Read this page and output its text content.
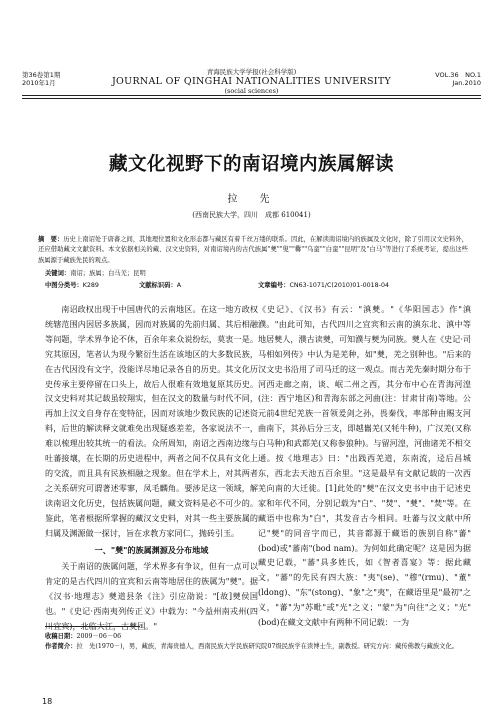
第36卷第1期
2010年1月
青海民族大学学报(社会科学版)
JOURNAL OF QINGHAI NATIONALITIES UNIVERSITY
(social sciences)
VOL.36　NO.1
Jan.2010
藏文化视野下的南诏境内族属解读
拉　先
(西南民族大学，四川　成都 610041)
摘　要：历史上南诏处于唐蕃之间，其地理位置和文化形态都与藏区有着千丝万缕的联系。因此，在解读南诏境内的族属及文化时，除了引用汉文史料外，还应借助藏文文献资料。本文依据相关的藏、汉文史资料，对南诏境内的古代族属"僰""叟""爨""乌蛮""白蛮""昆明"及"白马"等进行了系统考证，提出这些族属源于藏族先民的观点。
关键词：南诏；族属；白马羌；昆明
中图分类号：K289	文献标识码：A	文章编号：CN63-1071/C(2010)01-0018-04

南诏政权出现于中国唐代的云南地区。在这一地方政权统辖范围内因居多族属，因而对族属的先前归属、其后相融等问题，学术界争论不休，百余年来众说纷纭，莫衷一是。究其原因，笔者认为现今繁衍生活在该地区的大多数民族，在古代因没有文字，没能详尽地记录各自的历史。其文化历史传承主要停留在口头上，故后人很难有效地复原其历史。汉文史料对其记载虽较翔实，但在汉文的数量与时代不同，再加上汉文自身存在变特征，因而对该地少数民族的记述资料，后世的解读释文就难免出现疑惑差差，各家说法不一，难以梳理出较其统一的看法。众所周知，南诏之西南边缘与吐蕃接壤，在长期的历史进程中，两者之间不仅具有文化上的交流，而且具有民族相融之现象。但在学术上，对其两者之关系研究可谓著述零寥，凤毛麟角。要涉足这一领域，解读南诏文化历史，包括族属问题，藏文资料是必不可少的。鉴此，笔者根据所掌握的藏汉文史料，对其一些主要族属的归属及渊源做一探讨，旨在求教方家同仁，抛砖引玉。

一、"僰"的族属渊源及分布地域

关于南诏的族属问题，学术界多有争议，但有一点可以肯定的是古代四川的宜宾和云南等地居住的族属为"僰"。据《汉书·地理志》僰道县条《注》引应劭说："[故]僰侯国也。"《史记·西南夷列传正义》中载为："今益州南戎州(四川宜宾)，北临大江，古僰国。"

《史记》、《汉书》有云："滇僰。"《华阳国志》作"滇濮。"由此可知，古代四川之宜宾和云南的滇东北、滇中等地居僰人，濮古读僰，可知濮与僰为同族。僰人在《史记·司马相如列传》中认为是羌种，如"僰，羌之别种也。"后来的汉文史书沿用了司马迁的这一观点。而古羌先秦时期分布于河西走廊之南，谈、岷二州之西，其分布中心在青海河湟(注：西宁地区)和青海东部之河曲(注：甘肃甘南)等地。公元前4世纪羌族一首领爰剑之孙，畏秦伐，率部种由赐支河曲南下，其孙后分三支，即越巂羌(又牦牛种)，广汉羌(又称白马种)和武都羌(又称参狼种)。与留河湟，河曲诸羌不相交通。按《地理志》曰："出践西羌道，东南流，迳后昌城东，西北去天池五百余里。"这是最早有文献记载的一次西羌向南的大迁徙。[1]此处的"僰"在汉文史书中由于记述史家和年代不同，分别记载为"白"、"焚"、"僰"、"焚"等。在藏语中也称为"白"，其发音古今相同。吐蕃与汉文献中所记"僰"的同音字而已，其音都源于藏语的族别自称"蕃"(bod)或"蕃南"(bod nam)。为何如此确定呢？这是因为据藏史记载，"蕃"具多姓氏，如《智者喜宴》等：据此藏文，"蕃"的先民有四大族："夷"(se)、"穆"(rmu)、"董"(ldong)、"东"(stong)、"象"之"夷"，在藏语里是"最初"之义，"蕃"为"苏毗"或"光"之义；"蒙"为"向往"之义；"光"(bod)在藏文文献中有两种不同记载：一为

收稿日期：2009－06－06
作者简介：拉　先(1970－)，男，藏族，青海贵德人，西南民族大学民族研究院07级民族学在读博士生，副教授。研究方向：藏传佛教与藏族文化。
18
